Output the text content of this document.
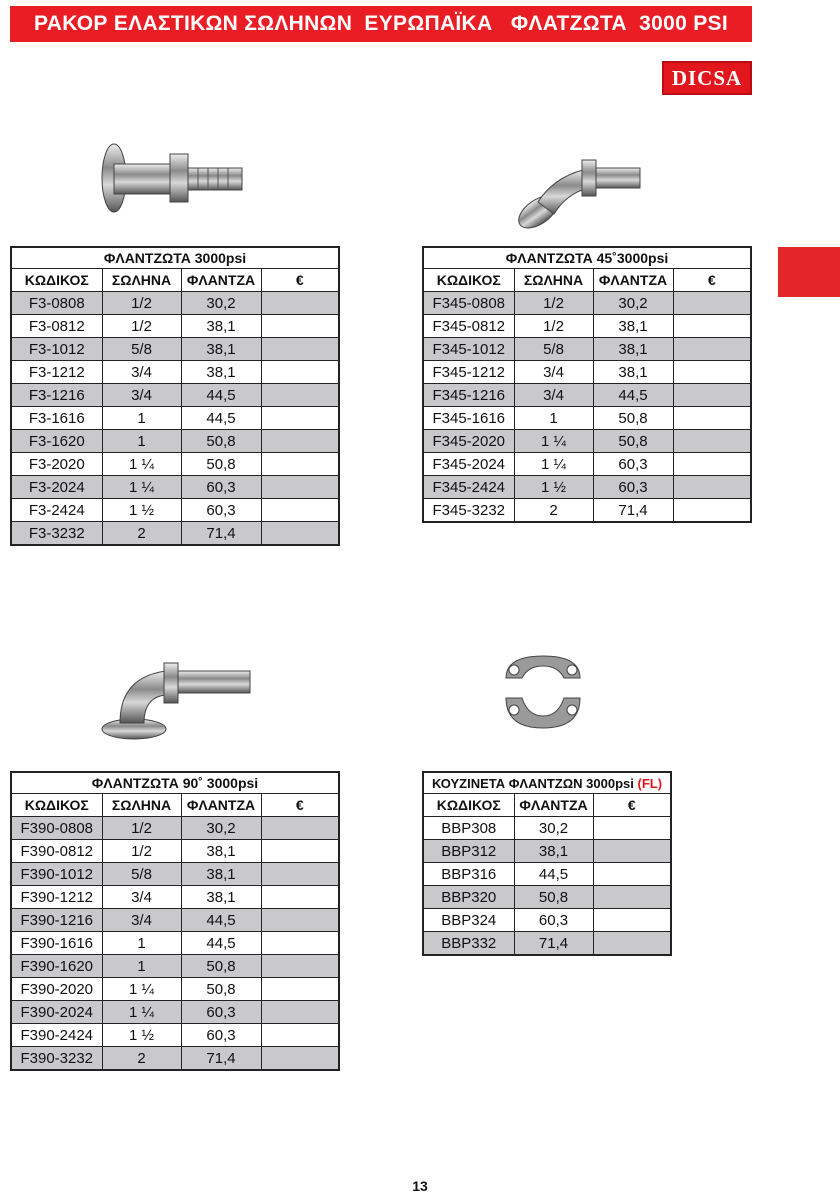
ΡΑΚΟΡ ΕΛΑΣΤΙΚΩΝ ΣΩΛΗΝΩΝ  ΕΥΡΩΠΑΪΚΑ   ΦΛΑΤΖΩΤΑ  3000 PSI
DICSA
ΦΛΑΝΤΖΩΤΑ 3000psi			
ΚΩΔΙΚΟΣ	ΣΩΛΗΝΑ	ΦΛΑΝΤΖΑ	€
F3-0808	1/2	30,2	
F3-0812	1/2	38,1	
F3-1012	5/8	38,1	
F3-1212	3/4	38,1	
F3-1216	3/4	44,5	
F3-1616	1	44,5	
F3-1620	1	50,8	
F3-2020	1 ¼	50,8	
F3-2024	1 ¼	60,3	
F3-2424	1 ½	60,3	
F3-3232	2	71,4	
ΦΛΑΝΤΖΩΤΑ 45˚3000psi			
ΚΩΔΙΚΟΣ	ΣΩΛΗΝΑ	ΦΛΑΝΤΖΑ	€
F345-0808	1/2	30,2	
F345-0812	1/2	38,1	
F345-1012	5/8	38,1	
F345-1212	3/4	38,1	
F345-1216	3/4	44,5	
F345-1616	1	50,8	
F345-2020	1 ¼	50,8	
F345-2024	1 ¼	60,3	
F345-2424	1 ½	60,3	
F345-3232	2	71,4	
ΦΛΑΝΤΖΩΤΑ 90˚ 3000psi			
ΚΩΔΙΚΟΣ	ΣΩΛΗΝΑ	ΦΛΑΝΤΖΑ	€
F390-0808	1/2	30,2	
F390-0812	1/2	38,1	
F390-1012	5/8	38,1	
F390-1212	3/4	38,1	
F390-1216	3/4	44,5	
F390-1616	1	44,5	
F390-1620	1	50,8	
F390-2020	1 ¼	50,8	
F390-2024	1 ¼	60,3	
F390-2424	1 ½	60,3	
F390-3232	2	71,4	
ΚΟΥΖΙΝΕΤΑ ΦΛΑΝΤΖΩΝ 3000psi (FL)		
ΚΩΔΙΚΟΣ	ΦΛΑΝΤΖΑ	€
BBP308	30,2	
BBP312	38,1	
BBP316	44,5	
BBP320	50,8	
BBP324	60,3	
BBP332	71,4	
13
